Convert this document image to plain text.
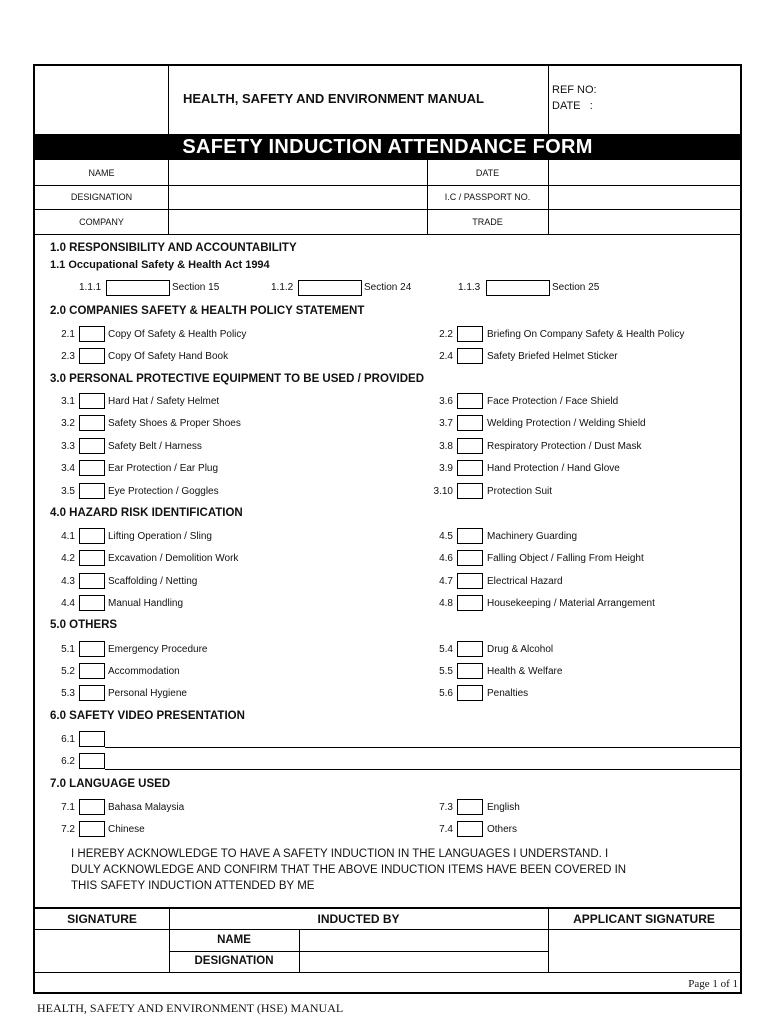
HEALTH, SAFETY AND ENVIRONMENT MANUAL
REF NO:
DATE   :
SAFETY INDUCTION ATTENDANCE FORM
NAME	DATE
DESIGNATION	I.C / PASSPORT NO.
COMPANY	TRADE
1.0 RESPONSIBILITY AND ACCOUNTABILITY
1.1 Occupational Safety & Health Act 1994
1.1.1	Section 15	1.1.2	Section 24	1.1.3	Section 25
2.0 COMPANIES SAFETY & HEALTH POLICY STATEMENT
2.1	Copy Of Safety & Health Policy	2.2	Briefing On Company Safety & Health Policy
2.3	Copy Of Safety Hand Book	2.4	Safety Briefed Helmet Sticker
3.0 PERSONAL PROTECTIVE EQUIPMENT TO BE USED / PROVIDED
3.1	Hard Hat / Safety Helmet	3.6	Face Protection / Face Shield
3.2	Safety Shoes & Proper Shoes	3.7	Welding Protection / Welding Shield
3.3	Safety Belt / Harness	3.8	Respiratory Protection / Dust Mask
3.4	Ear Protection / Ear Plug	3.9	Hand Protection / Hand Glove
3.5	Eye Protection / Goggles	3.10	Protection Suit
4.0 HAZARD RISK IDENTIFICATION
4.1	Lifting Operation / Sling	4.5	Machinery Guarding
4.2	Excavation / Demolition Work	4.6	Falling Object / Falling From Height
4.3	Scaffolding / Netting	4.7	Electrical Hazard
4.4	Manual Handling	4.8	Housekeeping / Material Arrangement
5.0 OTHERS
5.1	Emergency Procedure	5.4	Drug & Alcohol
5.2	Accommodation	5.5	Health & Welfare
5.3	Personal Hygiene	5.6	Penalties
6.0 SAFETY VIDEO PRESENTATION
6.1
6.2
7.0 LANGUAGE USED
7.1	Bahasa Malaysia	7.3	English
7.2	Chinese	7.4	Others
I HEREBY ACKNOWLEDGE TO HAVE A SAFETY INDUCTION IN THE LANGUAGES I UNDERSTAND. I
DULY ACKNOWLEDGE AND CONFIRM THAT THE ABOVE INDUCTION ITEMS HAVE BEEN COVERED IN
THIS SAFETY INDUCTION ATTENDED BY ME
SIGNATURE	INDUCTED BY	APPLICANT SIGNATURE
NAME
DESIGNATION
Page 1 of 1
HEALTH, SAFETY AND ENVIRONMENT (HSE) MANUAL
